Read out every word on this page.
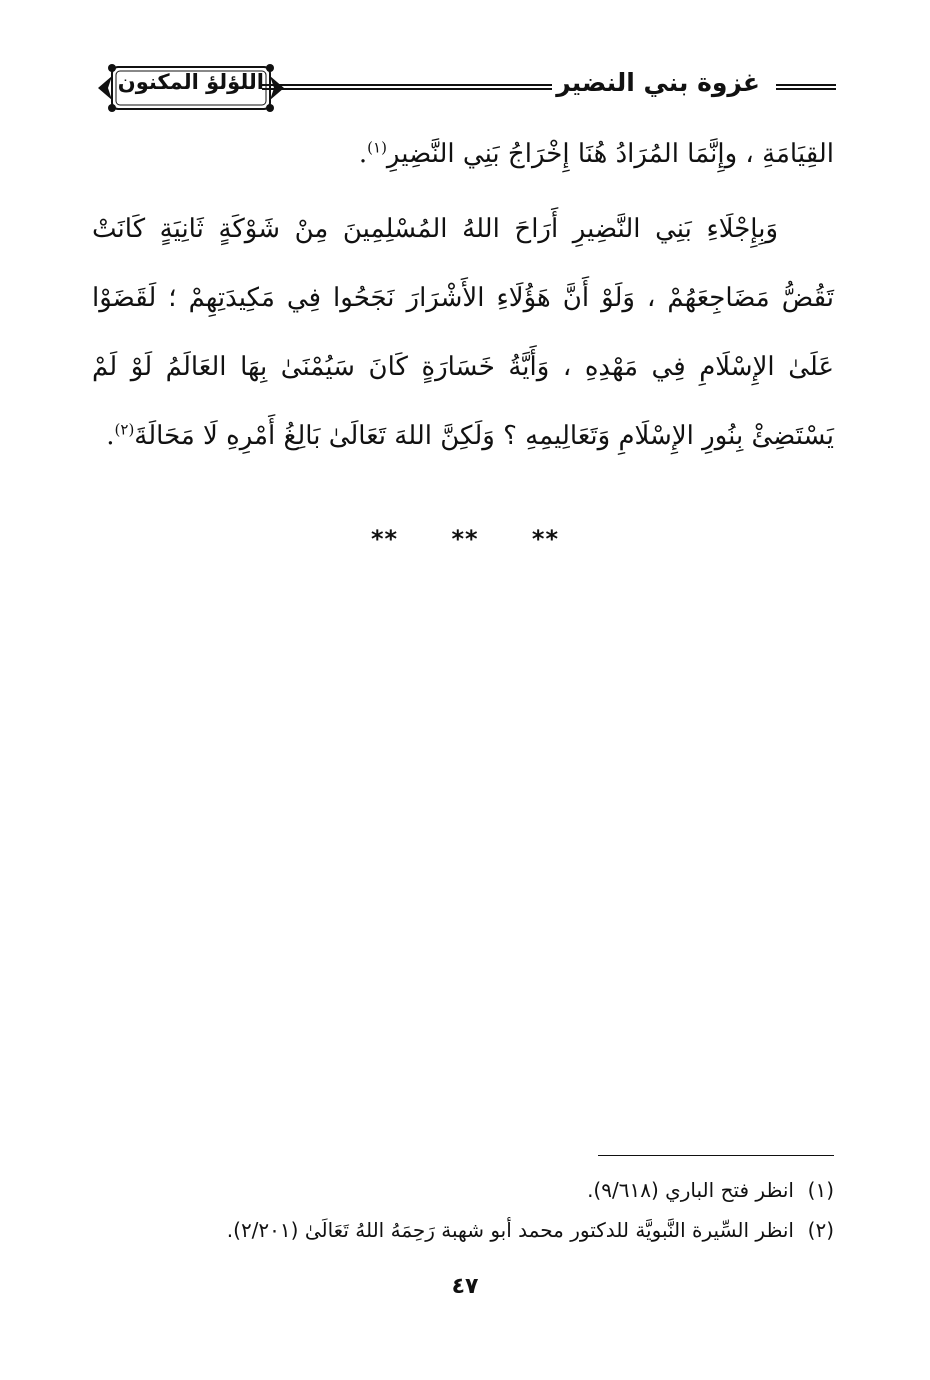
غزوة بني النضير
اللؤلؤ المكنون

القِيَامَةِ ، وإِنَّمَا المُرَادُ هُنَا إِخْرَاجُ بَنِي النَّضِيرِ$^{(١)}$.

وَبِإِجْلَاءِ بَنِي النَّضِيرِ أَرَاحَ اللهُ المُسْلِمِينَ مِنْ شَوْكَةٍ ثَانِيَةٍ كَانَتْ تَقُضُّ مَضَاجِعَهُمْ ، وَلَوْ أَنَّ هَؤُلَاءِ الأَشْرَارَ نَجَحُوا فِي مَكِيدَتِهِمْ ؛ لَقَضَوْا عَلَىٰ الإِسْلَامِ فِي مَهْدِهِ ، وَأَيَّةُ خَسَارَةٍ كَانَ سَيُمْنَىٰ بِهَا العَالَمُ لَوْ لَمْ يَسْتَضِئْ بِنُورِ الإِسْلَامِ وَتَعَالِيمِهِ ؟ وَلَكِنَّ اللهَ تَعَالَىٰ بَالِغُ أَمْرِهِ لَا مَحَالَةَ$^{(٢)}$.

** ** **
(١)انظر فتح الباري (٩/٦١٨).
(٢)انظر السِّيرة النَّبويَّة للدكتور محمد أبو شهبة رَحِمَهُ اللهُ تَعَالَىٰ (٢/٢٠١).
٤٧
